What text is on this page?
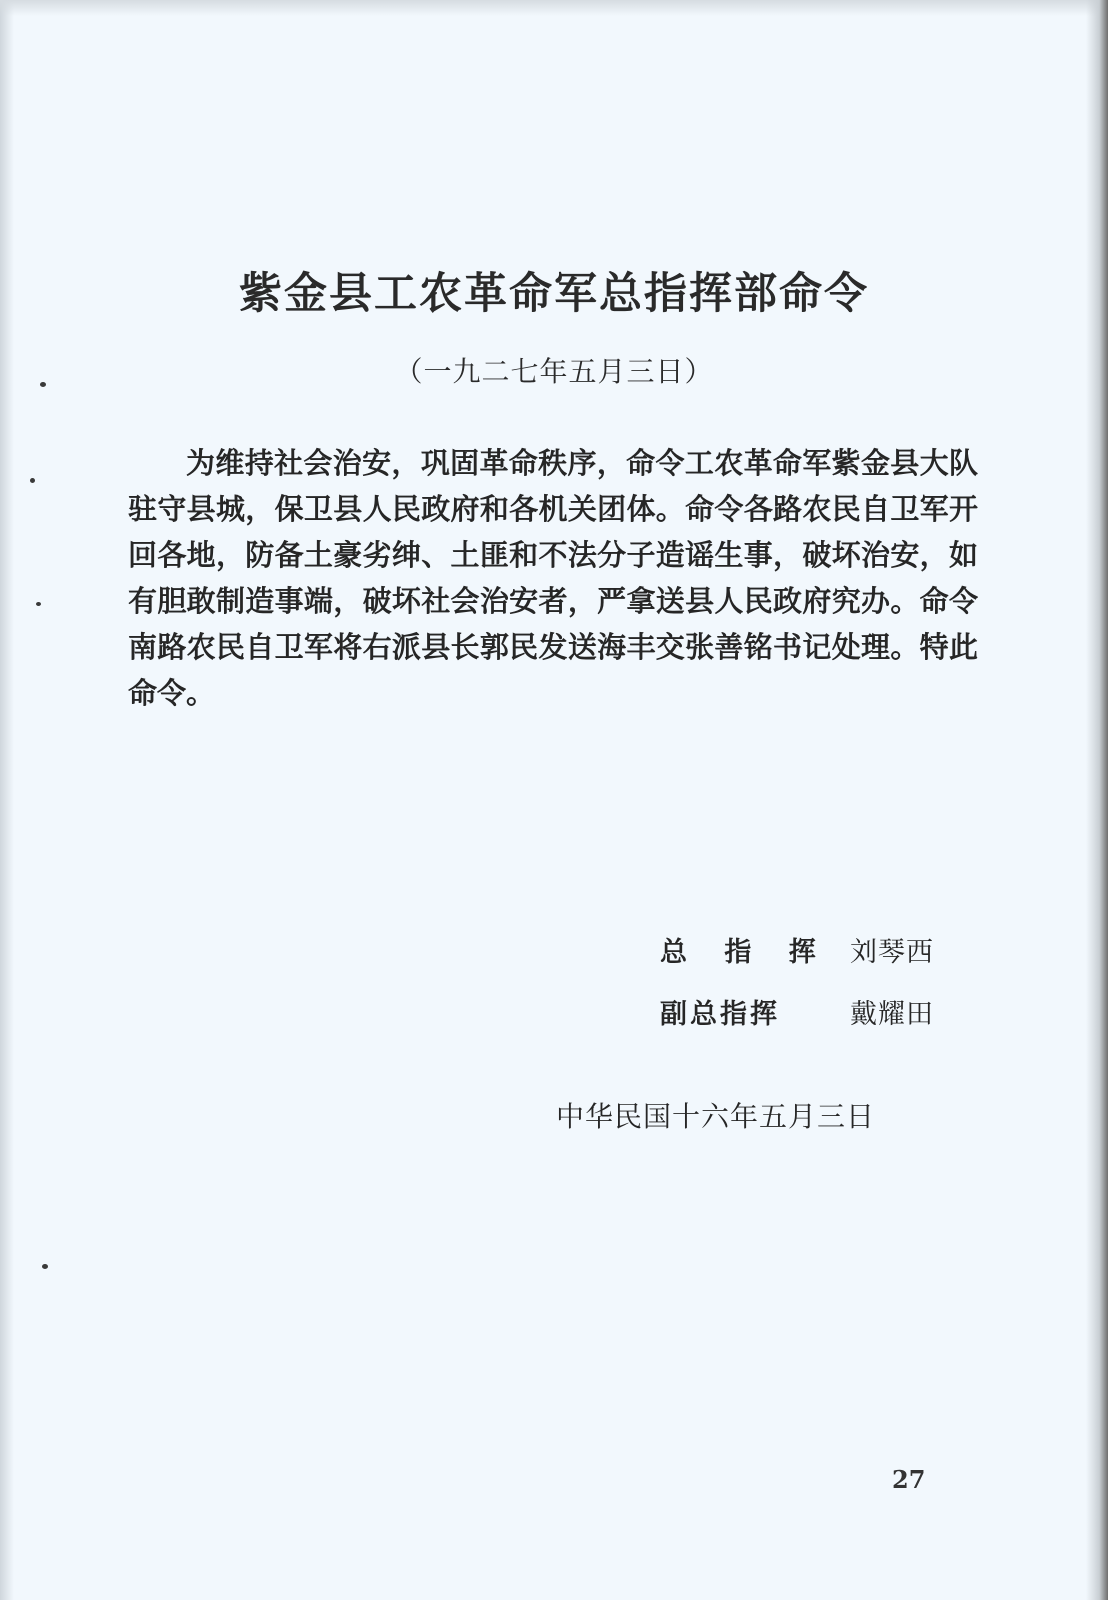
紫金县工农革命军总指挥部命令
（一九二七年五月三日）
为维持社会治安，巩固革命秩序，命令工农革命军紫金县大队驻守县城，保卫县人民政府和各机关团体。命令各路农民自卫军开回各地，防备土豪劣绅、土匪和不法分子造谣生事，破坏治安，如有胆敢制造事端，破坏社会治安者，严拿送县人民政府究办。命令南路农民自卫军将右派县长郭民发送海丰交张善铭书记处理。特此命令。
总 指 挥 刘琴西
副总指挥	戴耀田
中华民国十六年五月三日
27
